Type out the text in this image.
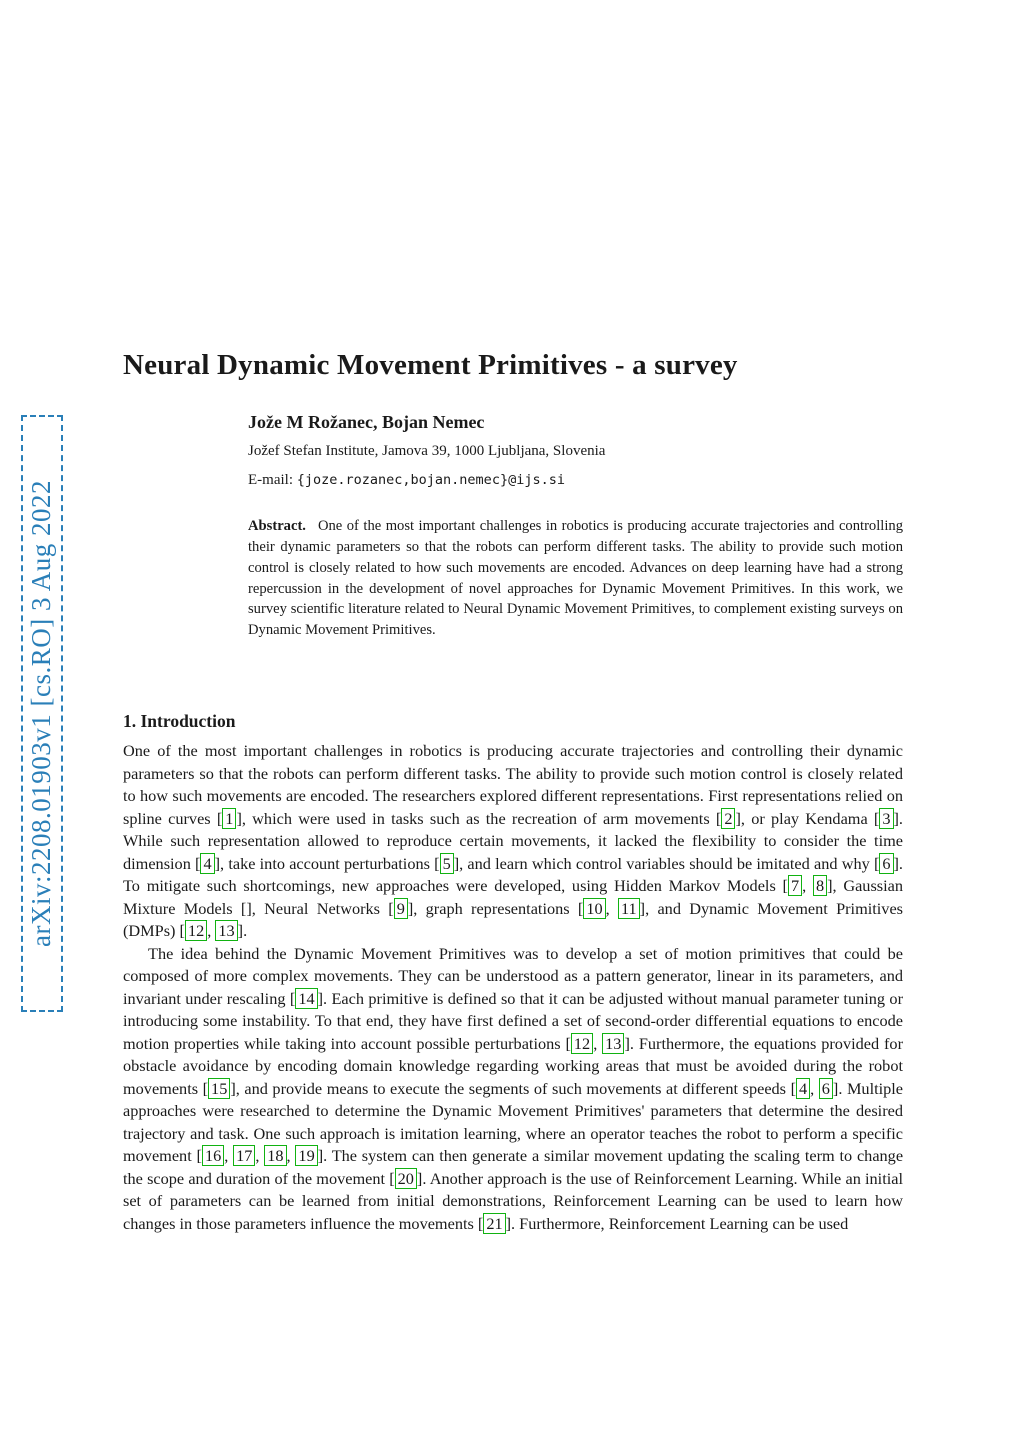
arXiv:2208.01903v1 [cs.RO] 3 Aug 2022
Neural Dynamic Movement Primitives - a survey
Jože M Rožanec, Bojan Nemec
Jožef Stefan Institute, Jamova 39, 1000 Ljubljana, Slovenia
E-mail: {joze.rozanec,bojan.nemec}@ijs.si

Abstract. One of the most important challenges in robotics is producing accurate trajectories and controlling their dynamic parameters so that the robots can perform different tasks. The ability to provide such motion control is closely related to how such movements are encoded. Advances on deep learning have had a strong repercussion in the development of novel approaches for Dynamic Movement Primitives. In this work, we survey scientific literature related to Neural Dynamic Movement Primitives, to complement existing surveys on Dynamic Movement Primitives.

1. Introduction

One of the most important challenges in robotics is producing accurate trajectories and controlling their dynamic parameters so that the robots can perform different tasks. The ability to provide such motion control is closely related to how such movements are encoded. The researchers explored different representations. First representations relied on spline curves [ 1 ], which were used in tasks such as the recreation of arm movements [ 2 ], or play Kendama [ 3 ]. While such representation allowed to reproduce certain movements, it lacked the flexibility to consider the time dimension [ 4 ], take into account perturbations [ 5 ], and learn which control variables should be imitated and why [ 6 ]. To mitigate such shortcomings, new approaches were developed, using Hidden Markov Models [ 7 , 8 ], Gaussian Mixture Models [], Neural Networks [ 9 ], graph representations [ 10 , 11 ], and Dynamic Movement Primitives (DMPs) [ 12 , 13 ].

The idea behind the Dynamic Movement Primitives was to develop a set of motion primitives that could be composed of more complex movements. They can be understood as a pattern generator, linear in its parameters, and invariant under rescaling [ 14 ]. Each primitive is defined so that it can be adjusted without manual parameter tuning or introducing some instability. To that end, they have first defined a set of second-order differential equations to encode motion properties while taking into account possible perturbations [ 12 , 13 ]. Furthermore, the equations provided for obstacle avoidance by encoding domain knowledge regarding working areas that must be avoided during the robot movements [ 15 ], and provide means to execute the segments of such movements at different speeds [ 4 , 6 ]. Multiple approaches were researched to determine the Dynamic Movement Primitives' parameters that determine the desired trajectory and task. One such approach is imitation learning, where an operator teaches the robot to perform a specific movement [ 16 , 17 , 18 , 19 ]. The system can then generate a similar movement updating the scaling term to change the scope and duration of the movement [ 20 ]. Another approach is the use of Reinforcement Learning. While an initial set of parameters can be learned from initial demonstrations, Reinforcement Learning can be used to learn how changes in those parameters influence the movements [ 21 ]. Furthermore, Reinforcement Learning can be used
